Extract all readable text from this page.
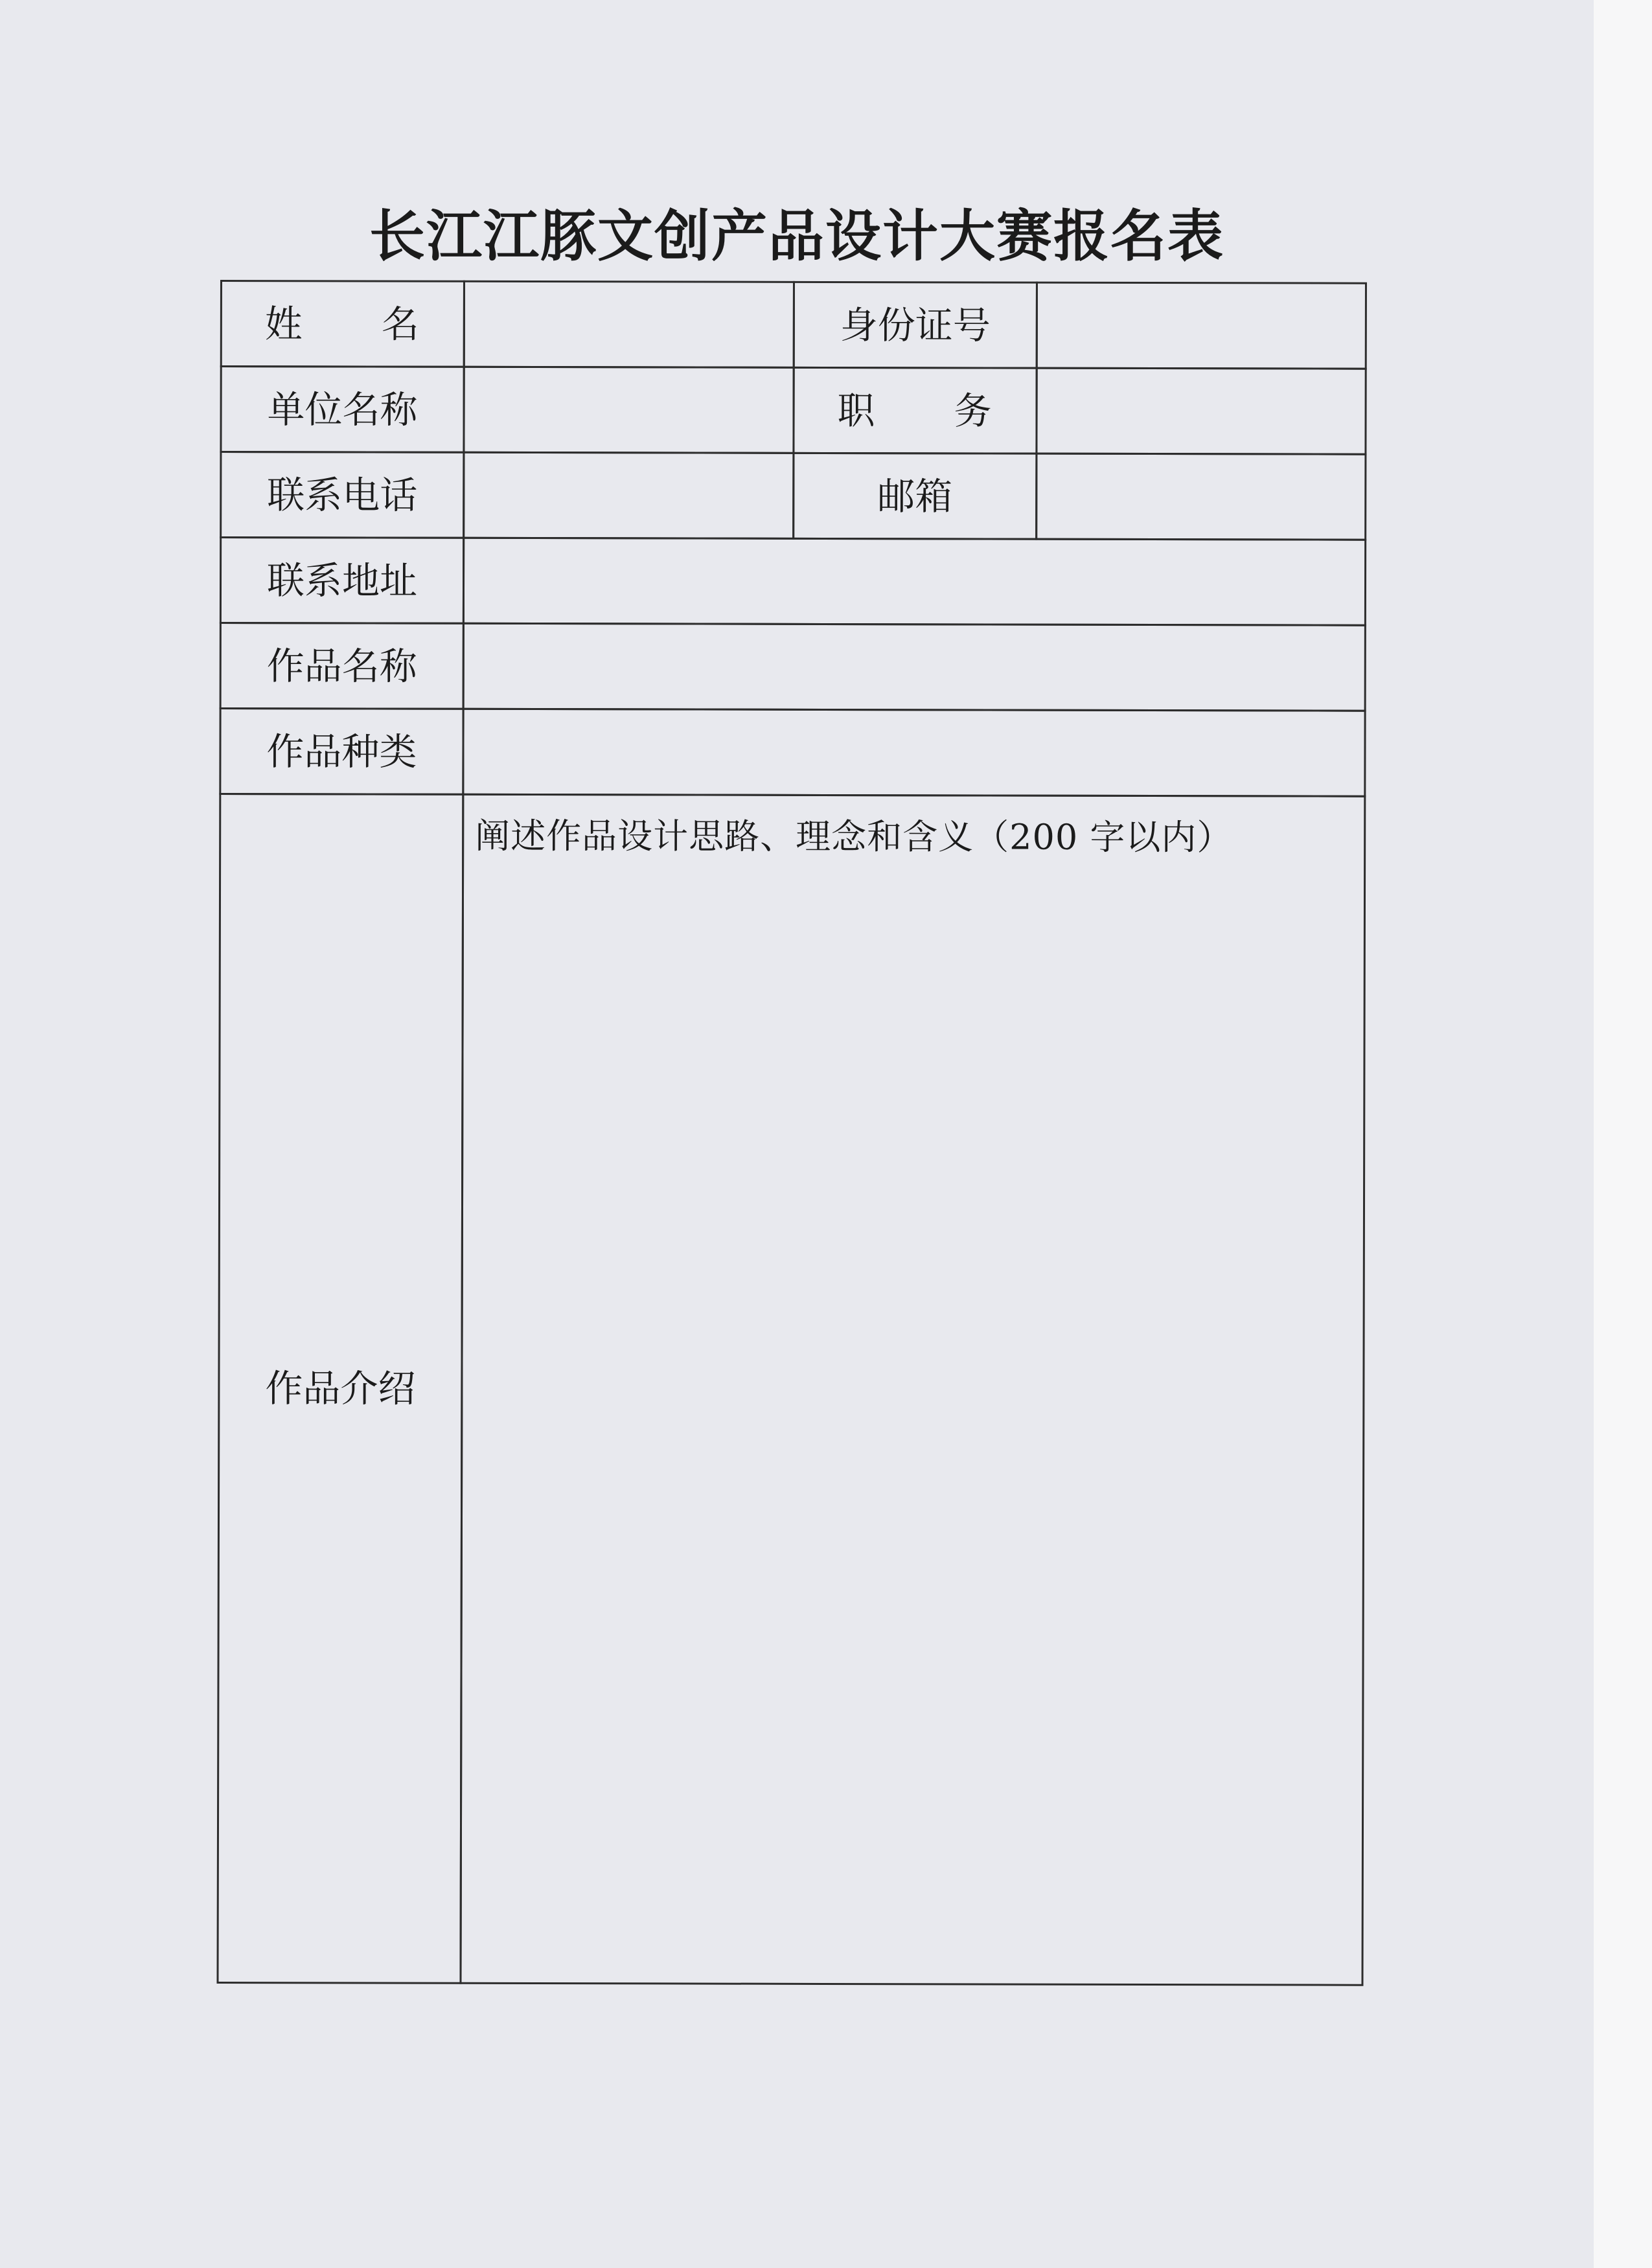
长江江豚文创产品设计大赛报名表
姓 名	身份证号
单位名称	职 务
联系电话	邮箱
联系地址
作品名称
作品种类
作品介绍
阐述作品设计思路、理念和含义（200 字以内）
